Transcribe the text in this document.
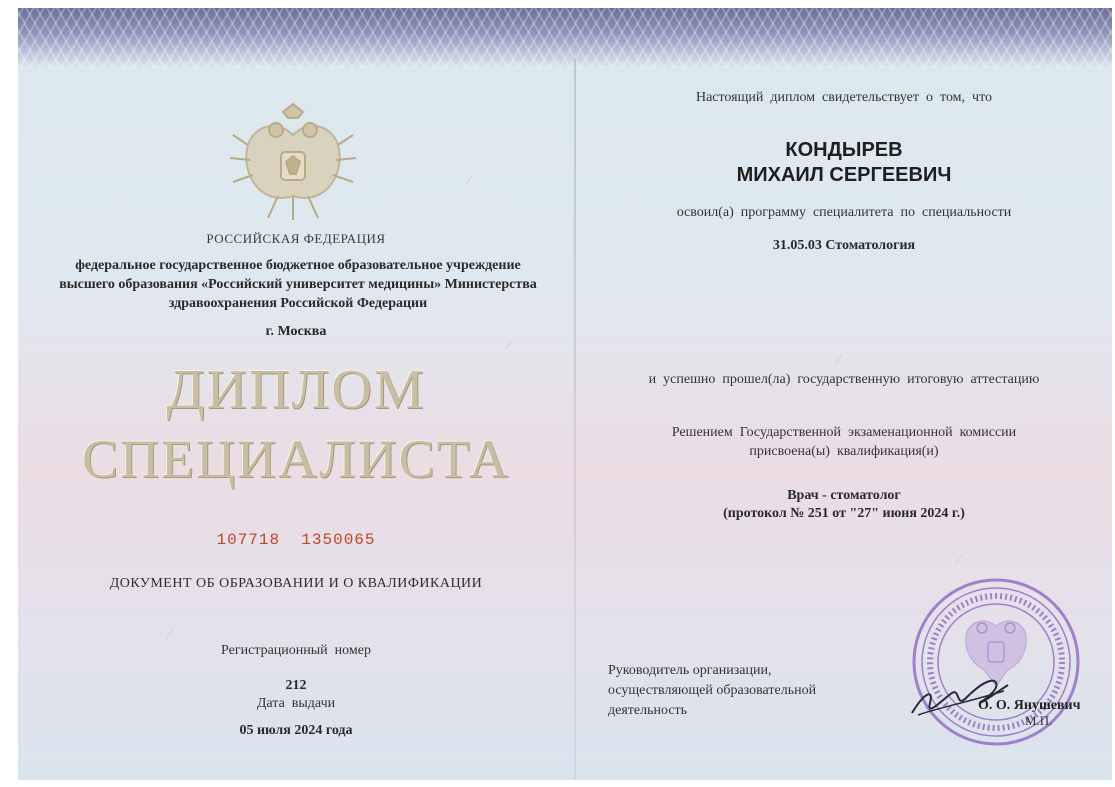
⁄
⁄
⁄
⁄
⁄
РОССИЙСКАЯ ФЕДЕРАЦИЯ
федеральное государственное бюджетное образовательное учреждение высшего образования «Российский университет медицины» Министерства здравоохранения Российской Федерации
г. Москва
ДИПЛОМ
СПЕЦИАЛИСТА
107718  1350065
ДОКУМЕНТ ОБ ОБРАЗОВАНИИ И О КВАЛИФИКАЦИИ
Регистрационный  номер
212
Дата  выдачи
05 июля 2024 года
Настоящий  диплом  свидетельствует  о  том,  что
КОНДЫРЕВ
МИХАИЛ СЕРГЕЕВИЧ
освоил(а)  программу  специалитета  по  специальности
31.05.03 Стоматология
и  успешно  прошел(ла)  государственную  итоговую  аттестацию
Решением  Государственной  экзаменационной  комиссии
присвоена(ы)  квалификация(и)
Врач - стоматолог
(протокол № 251 от "27" июня 2024 г.)
Руководитель организации,
осуществляющей образовательной
деятельность	О. О. Янушевич
М.П.
